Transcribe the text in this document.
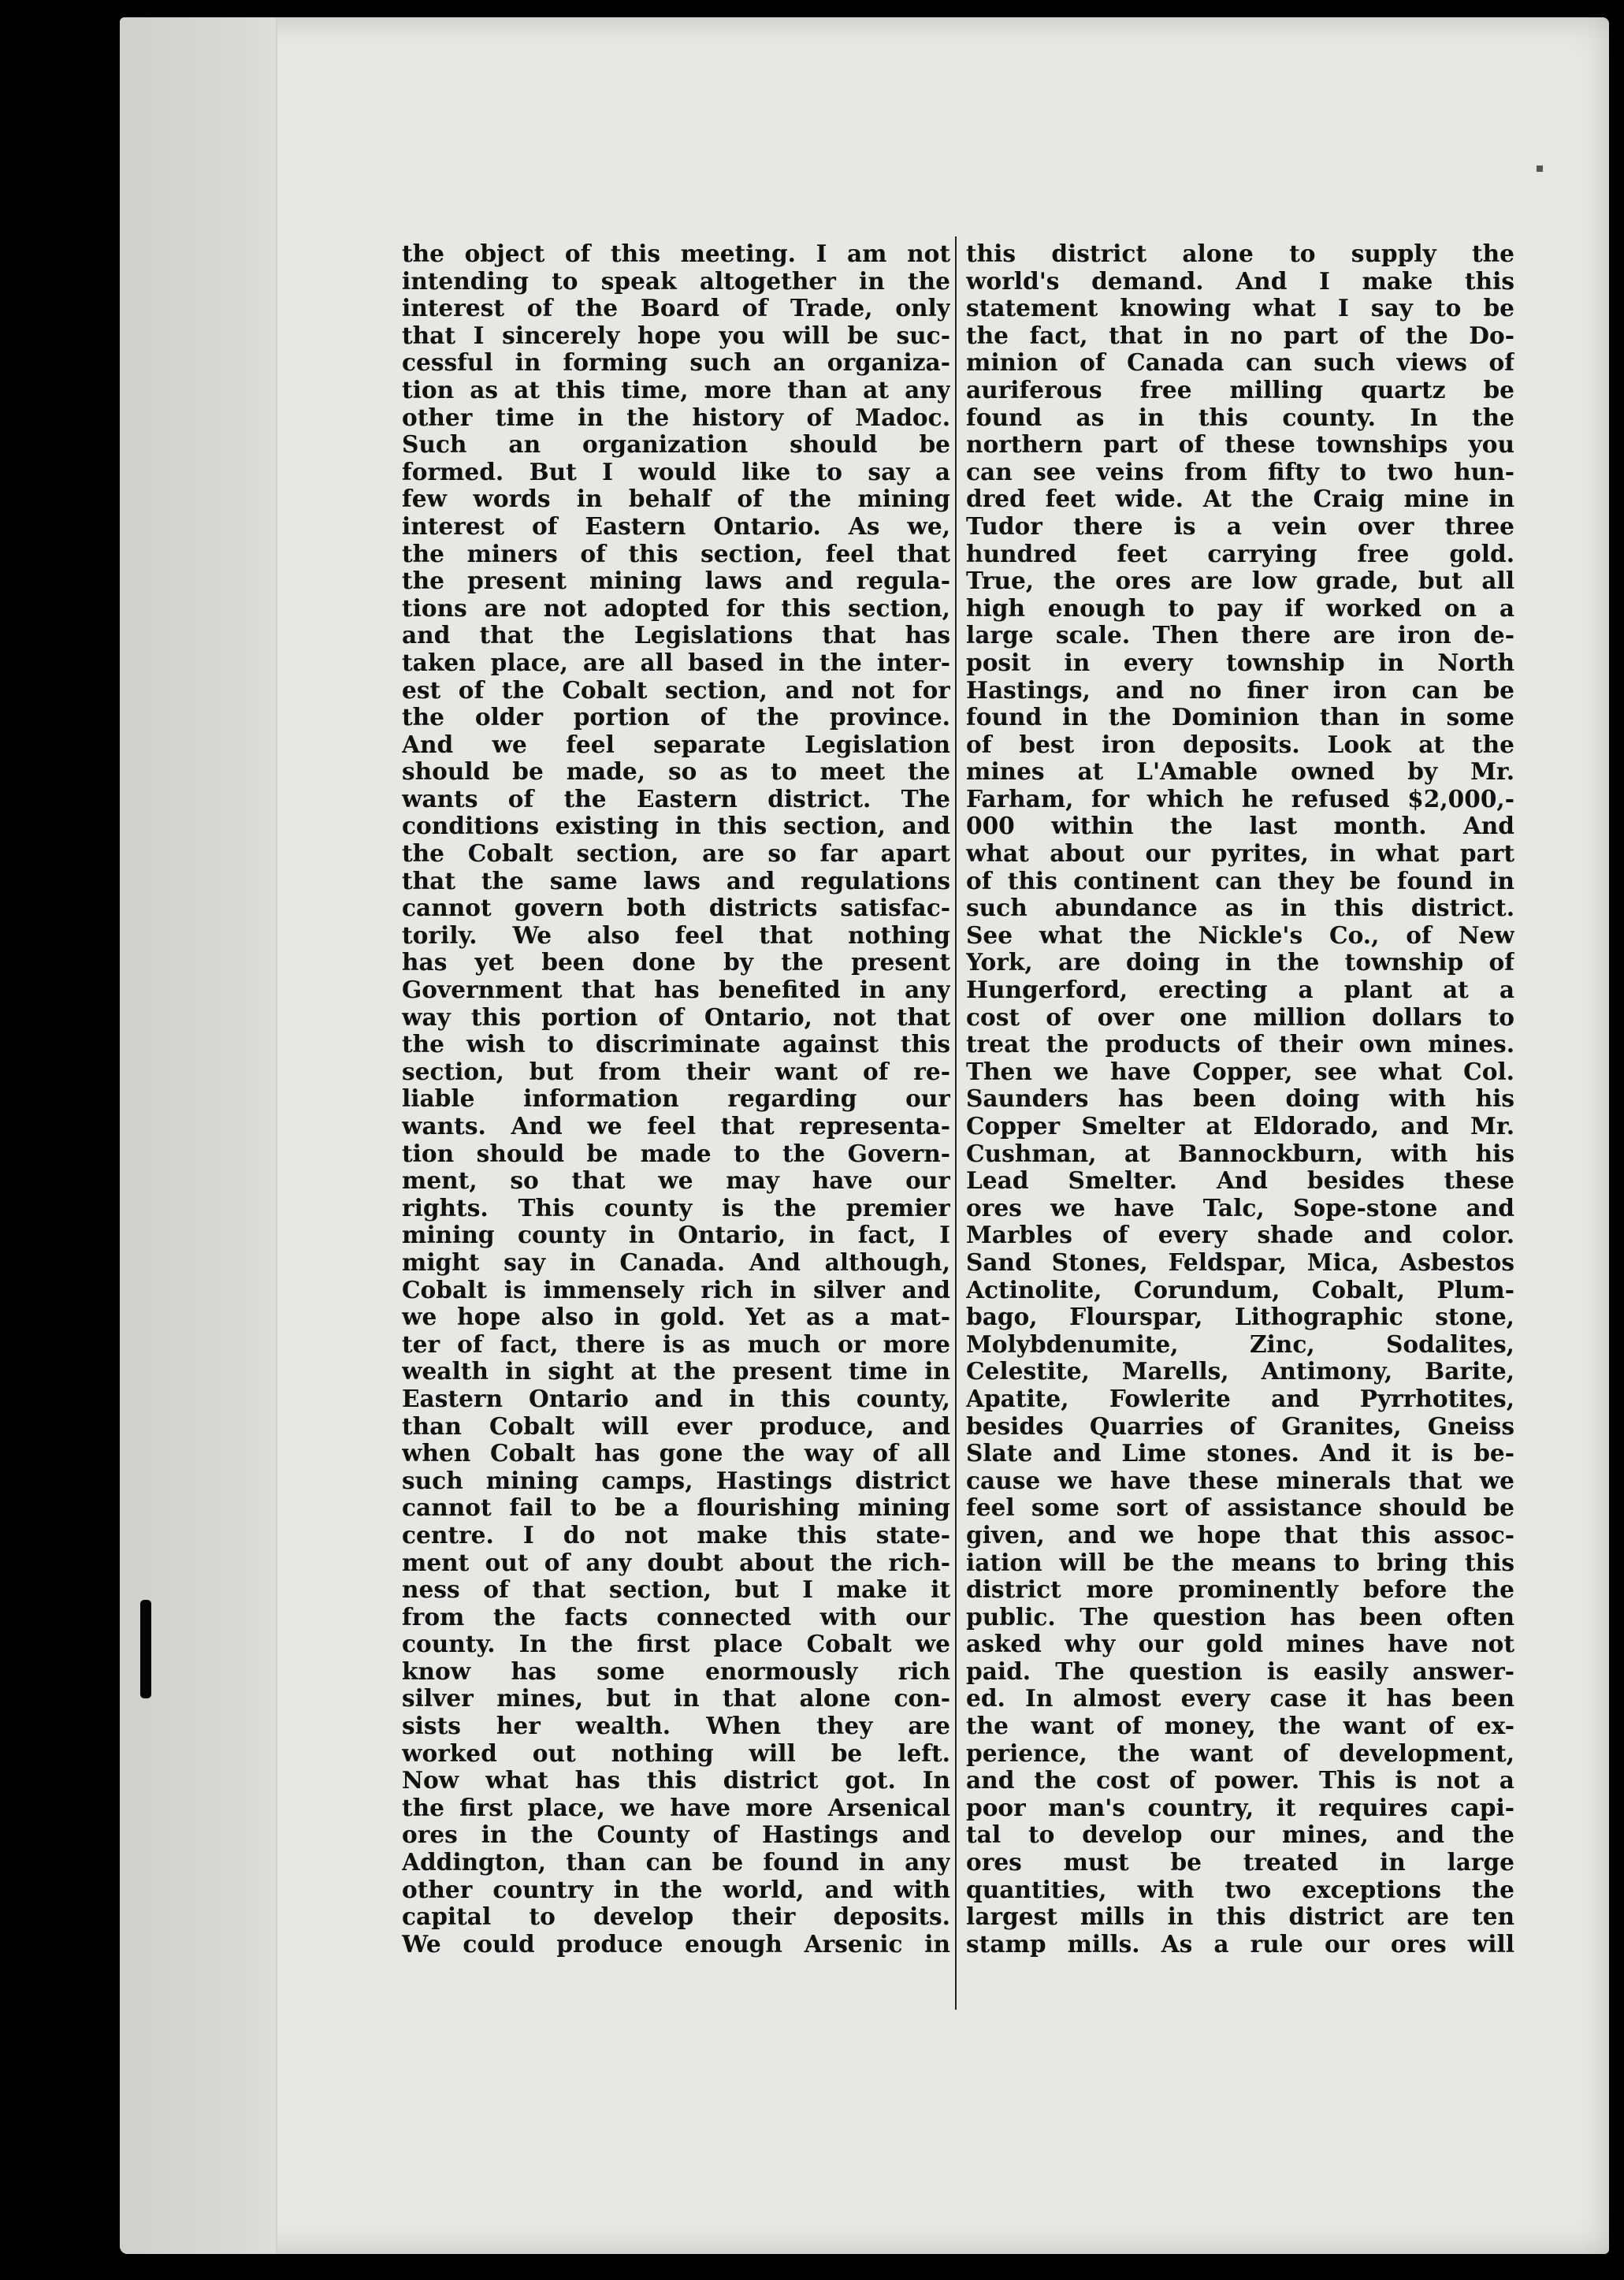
the object of this meeting. I am not
intending to speak altogether in the
interest of the Board of Trade, only
that I sincerely hope you will be suc-
cessful in forming such an organiza-
tion as at this time, more than at any
other time in the history of Madoc.
Such an organization should be
formed. But I would like to say a
few words in behalf of the mining
interest of Eastern Ontario. As we,
the miners of this section, feel that
the present mining laws and regula-
tions are not adopted for this section,
and that the Legislations that has
taken place, are all based in the inter-
est of the Cobalt section, and not for
the older portion of the province.
And we feel separate Legislation
should be made, so as to meet the
wants of the Eastern district. The
conditions existing in this section, and
the Cobalt section, are so far apart
that the same laws and regulations
cannot govern both districts satisfac-
torily. We also feel that nothing
has yet been done by the present
Government that has benefited in any
way this portion of Ontario, not that
the wish to discriminate against this
section, but from their want of re-
liable information regarding our
wants. And we feel that representa-
tion should be made to the Govern-
ment, so that we may have our
rights. This county is the premier
mining county in Ontario, in fact, I
might say in Canada. And although,
Cobalt is immensely rich in silver and
we hope also in gold. Yet as a mat-
ter of fact, there is as much or more
wealth in sight at the present time in
Eastern Ontario and in this county,
than Cobalt will ever produce, and
when Cobalt has gone the way of all
such mining camps, Hastings district
cannot fail to be a flourishing mining
centre. I do not make this state-
ment out of any doubt about the rich-
ness of that section, but I make it
from the facts connected with our
county. In the first place Cobalt we
know has some enormously rich
silver mines, but in that alone con-
sists her wealth. When they are
worked out nothing will be left.
Now what has this district got. In
the first place, we have more Arsenical
ores in the County of Hastings and
Addington, than can be found in any
other country in the world, and with
capital to develop their deposits.
We could produce enough Arsenic in
this district alone to supply the
world's demand. And I make this
statement knowing what I say to be
the fact, that in no part of the Do-
minion of Canada can such views of
auriferous free milling quartz be
found as in this county. In the
northern part of these townships you
can see veins from fifty to two hun-
dred feet wide. At the Craig mine in
Tudor there is a vein over three
hundred feet carrying free gold.
True, the ores are low grade, but all
high enough to pay if worked on a
large scale. Then there are iron de-
posit in every township in North
Hastings, and no finer iron can be
found in the Dominion than in some
of best iron deposits. Look at the
mines at L'Amable owned by Mr.
Farham, for which he refused $2,000,-
000 within the last month. And
what about our pyrites, in what part
of this continent can they be found in
such abundance as in this district.
See what the Nickle's Co., of New
York, are doing in the township of
Hungerford, erecting a plant at a
cost of over one million dollars to
treat the products of their own mines.
Then we have Copper, see what Col.
Saunders has been doing with his
Copper Smelter at Eldorado, and Mr.
Cushman, at Bannockburn, with his
Lead Smelter. And besides these
ores we have Talc, Sope-stone and
Marbles of every shade and color.
Sand Stones, Feldspar, Mica, Asbestos
Actinolite, Corundum, Cobalt, Plum-
bago, Flourspar, Lithographic stone,
Molybdenumite, Zinc, Sodalites,
Celestite, Marells, Antimony, Barite,
Apatite, Fowlerite and Pyrrhotites,
besides Quarries of Granites, Gneiss
Slate and Lime stones. And it is be-
cause we have these minerals that we
feel some sort of assistance should be
given, and we hope that this assoc-
iation will be the means to bring this
district more prominently before the
public. The question has been often
asked why our gold mines have not
paid. The question is easily answer-
ed. In almost every case it has been
the want of money, the want of ex-
perience, the want of development,
and the cost of power. This is not a
poor man's country, it requires capi-
tal to develop our mines, and the
ores must be treated in large
quantities, with two exceptions the
largest mills in this district are ten
stamp mills. As a rule our ores will
